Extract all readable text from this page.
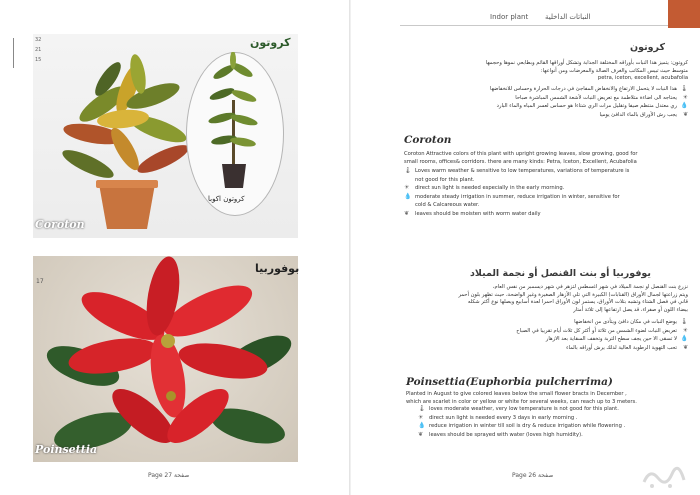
32
21
15
كروتون
كروتون اكوبا
Coroton
بوفوربيا
17
Poinsettia
Page 27 صفحة
Indor plant النباتات الداخلية
كروتون
كروتون: يتميز هذا النبات بأوراقه المختلفة الجذابة وتشكل أوراقها القائم وبطابعي نموها وحجمها
متوسط حيث تبيس المكاتب والغرف الصالة والمعرضات ومن أنواعها:
petra, iceton, excellent, acubafolia
🌡
هذا النبات لا يتحمل الارتفاع والانخفاض المفاجئ في درجات الحرارة وحساس للانخفاضها
☀
يحتاجه الى اضاءة متلاطمة مع تعريض النبات لأشعة الشمس المباشرة صباحا
💧
ري معتدل منتظم صيفا وتقليل مرات الري شتاءا هو حساس لعسر المياه والماء البارد
❦
يجب رش الأوراق بالماء الدافئ يوميا
Coroton
Coroton Attractive colors of this plant with upright growing leaves, slow growing, good for
small rooms, offices& corridors. there are many kinds: Petra, Iceton, Excellent, Acubafolia
🌡 Loves warm weather & sensitive to low temperatures, variations of temperature is
not good for this plant.
☀ direct sun light is needed especially in the early morning.
💧 moderate steady irrigation in summer, reduce irrigation in winter, sensitive for
cold & Calcareous water.
❦ leaves should be moisten with worm water daily
يوفوربيا أو بنت القنصل أو نجمة الميلاد
نزرع بنت القنصل او نجمة الميلاد في شهر اغسطس لتزهر في شهر ديسمبر من نفس العام،
ويتم زراعتها لجمال الأوراق (القنابات) الكبيرة التي تلي الأزهار الصغيرة وغير الواضحة، حيث تظهر بلون أحمر
قاني في فصل الشتاء وتشبه بتلات الأوراق، يستمر لون الأوراق احمرا لعدة أسابيع ويصلها نوع أكثر شكله
بيضاء اللون أو صفراء، قد يصل ارتفاعها إلى ثلاثة أمتار
🌡
يوضع النبات في مكان دافئ ويتأذى من انخفاضها
☀
تعريض النبات لضوء الشمس من ثلاثة أو أكثر كل ثلاث أيام تقريبا في الصباح
💧
لا تسقى الا حين يجف سطح التربة وتخفف السقاية بعد الازهار
❦
تحب التهوية الرطوبة العالية لذلك يرش أوراقه بالماء
Poinsettia(Euphorbia pulcherrima)
Planted in August to give colored leaves below the small flower bracts in December ,
which are scarlet in color or yellow or white for several weeks, can reach up to 3 meters.
🌡 loves moderate weather, very low temperature is not good for this plant.
☀ direct sun light is needed every 3 days in early morning .
💧 reduce irrigation in winter till soil is dry & reduce irrigation while flowering .
❦ leaves should be sprayed with water (loves high humidity).
Page 26 صفحة
